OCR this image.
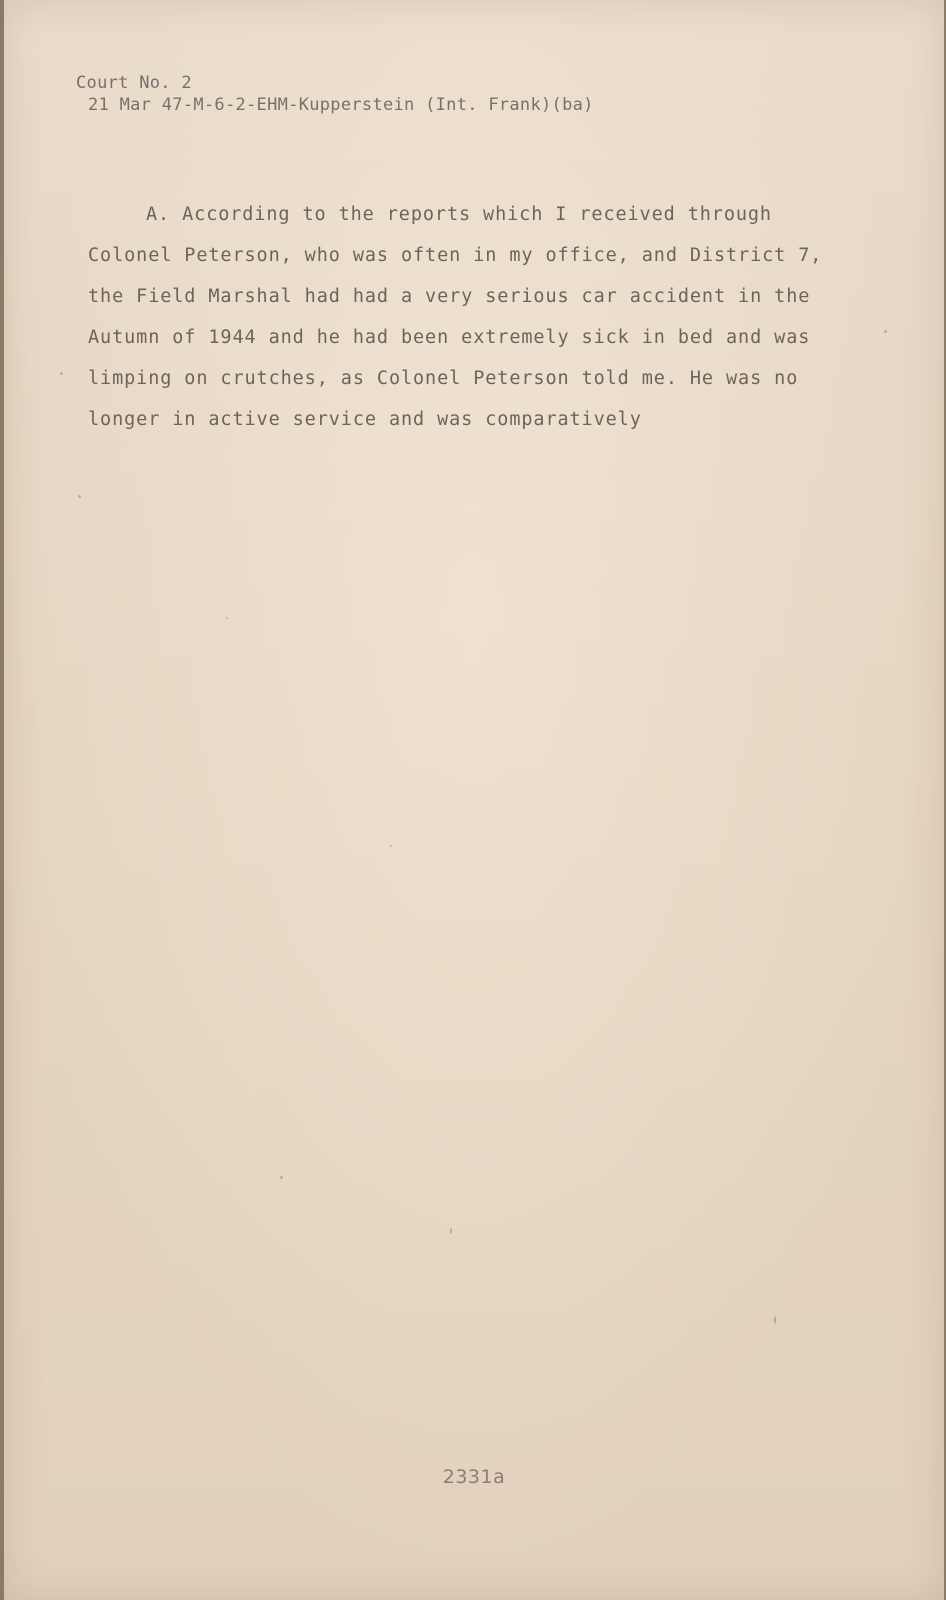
Court No. 2
21 Mar 47-M-6-2-EHM-Kupperstein (Int. Frank)(ba)
A. According to the reports which I received through
Colonel Peterson, who was often in my office, and District 7,
the Field Marshal had had a very serious car accident in the
Autumn of 1944 and he had been extremely sick in bed and was
limping on crutches, as Colonel Peterson told me. He was no
longer in active service and was comparatively
2331a
